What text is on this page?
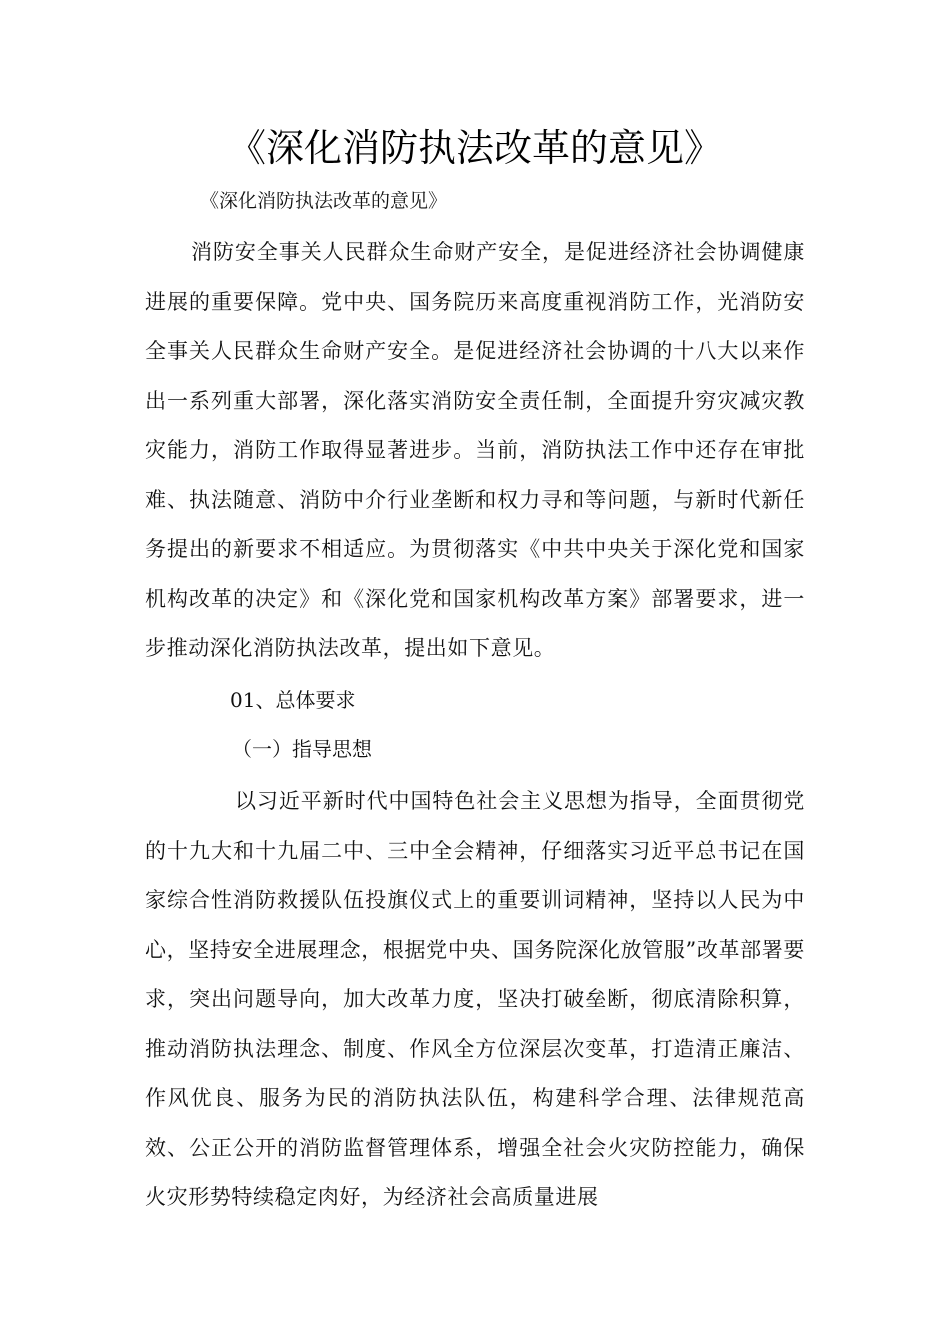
《深化消防执法改革的意见》
《深化消防执法改革的意见》

消防安全事关人民群众生命财产安全，是促进经济社会协调健康进展的重要保障。党中央、国务院历来高度重视消防工作，光消防安全事关人民群众生命财产安全。是促进经济社会协调的十八大以来作出一系列重大部署，深化落实消防安全责任制，全面提升穷灾减灾教灾能力，消防工作取得显著进步。当前，消防执法工作中还存在审批难、执法随意、消防中介行业垄断和权力寻和等问题，与新时代新任务提出的新要求不相适应。为贯彻落实《中共中央关于深化党和国家机构改革的决定》和《深化党和国家机构改革方案》部署要求，进一步推动深化消防执法改革，提出如下意见。

01、总体要求
（一）指导思想

以习近平新时代中国特色社会主义思想为指导，全面贯彻党的十九大和十九届二中、三中全会精神，仔细落实习近平总书记在国家综合性消防救援队伍投旗仪式上的重要训词精神，坚持以人民为中心，坚持安全进展理念，根据党中央、国务院深化放管服”改革部署要求，突出问题导向，加大改革力度，坚决打破垒断，彻底清除积算，推动消防执法理念、制度、作风全方位深层次变革，打造清正廉洁、作风优良、服务为民的消防执法队伍，构建科学合理、法律规范高效、公正公开的消防监督管理体系，增强全社会火灾防控能力，确保火灾形势特续稳定肉好，为经济社会高质量进展
